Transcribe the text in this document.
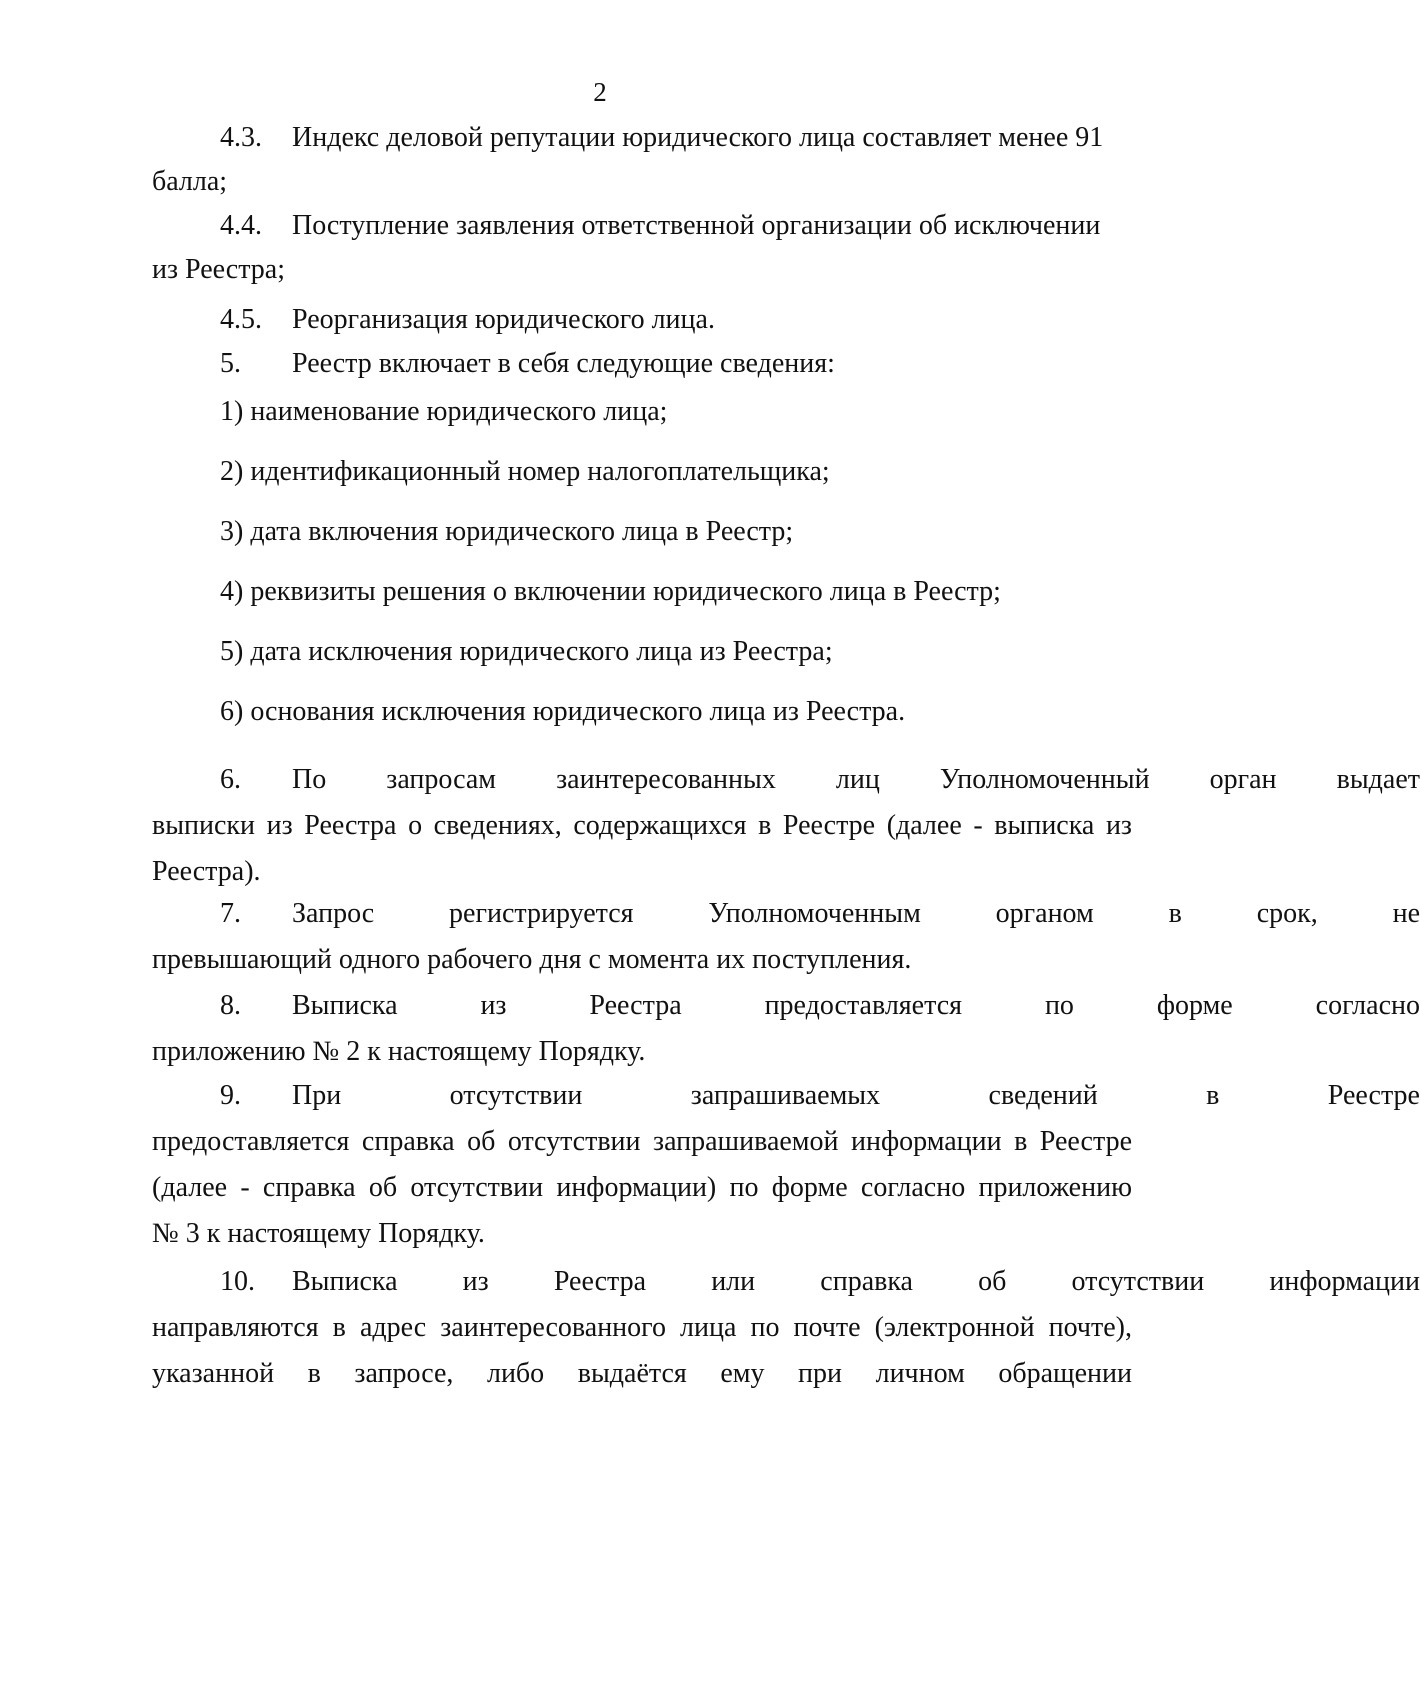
2
4.3.	Индекс деловой репутации юридического лица составляет менее 91
балла;
4.4.	Поступление заявления ответственной организации об исключении
из Реестра;
4.5.	Реорганизация юридического лица.
5.	Реестр включает в себя следующие сведения:
1) наименование юридического лица;
2) идентификационный номер налогоплательщика;
3) дата включения юридического лица в Реестр;
4) реквизиты решения о включении юридического лица в Реестр;
5) дата исключения юридического лица из Реестра;
6) основания исключения юридического лица из Реестра.
6.	По запросам заинтересованных лиц Уполномоченный орган выдает
выписки из Реестра о сведениях, содержащихся в Реестре (далее - выписка из
Реестра).
7.	Запрос регистрируется Уполномоченным органом в срок, не
превышающий одного рабочего дня с момента их поступления.
8.	Выписка из Реестра предоставляется по форме согласно
приложению № 2 к настоящему Порядку.
9.	При отсутствии запрашиваемых сведений в Реестре
предоставляется справка об отсутствии запрашиваемой информации в Реестре
(далее - справка об отсутствии информации) по форме согласно приложению
№ 3 к настоящему Порядку.
10.	Выписка из Реестра или справка об отсутствии информации
направляются в адрес заинтересованного лица по почте (электронной почте),
указанной в запросе, либо выдаётся ему при личном обращении
